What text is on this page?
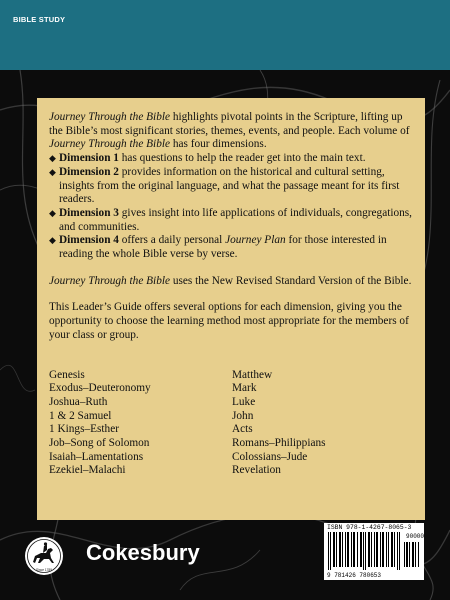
BIBLE STUDY

Journey Through the Bible highlights pivotal points in the Scripture, lifting up the Bible’s most significant stories, themes, events, and people. Each volume of Journey Through the Bible has four dimensions.

◆ Dimension 1 has questions to help the reader get into the main text.
◆ Dimension 2 provides information on the historical and cultural setting, insights from the original language, and what the passage meant for its first readers.
◆ Dimension 3 gives insight into life applications of individuals, congregations, and communities.
◆ Dimension 4 offers a daily personal Journey Plan for those interested in reading the whole Bible verse by verse.

Journey Through the Bible uses the New Revised Standard Version of the Bible.

This Leader’s Guide offers several options for each dimension, giving you the opportunity to choose the learning method most appropriate for the members of your class or group.

Genesis
Exodus–Deuteronomy
Joshua–Ruth
1 & 2 Samuel
1 Kings–Esther
Job–Song of Solomon
Isaiah–Lamentations
Ezekiel–Malachi
Matthew
Mark
Luke
John
Acts
Romans–Philippians
Colossians–Jude
Revelation
Since 1789
Cokesbury
ISBN 978-1-4267-8065-3
90000
9 781426 780653
